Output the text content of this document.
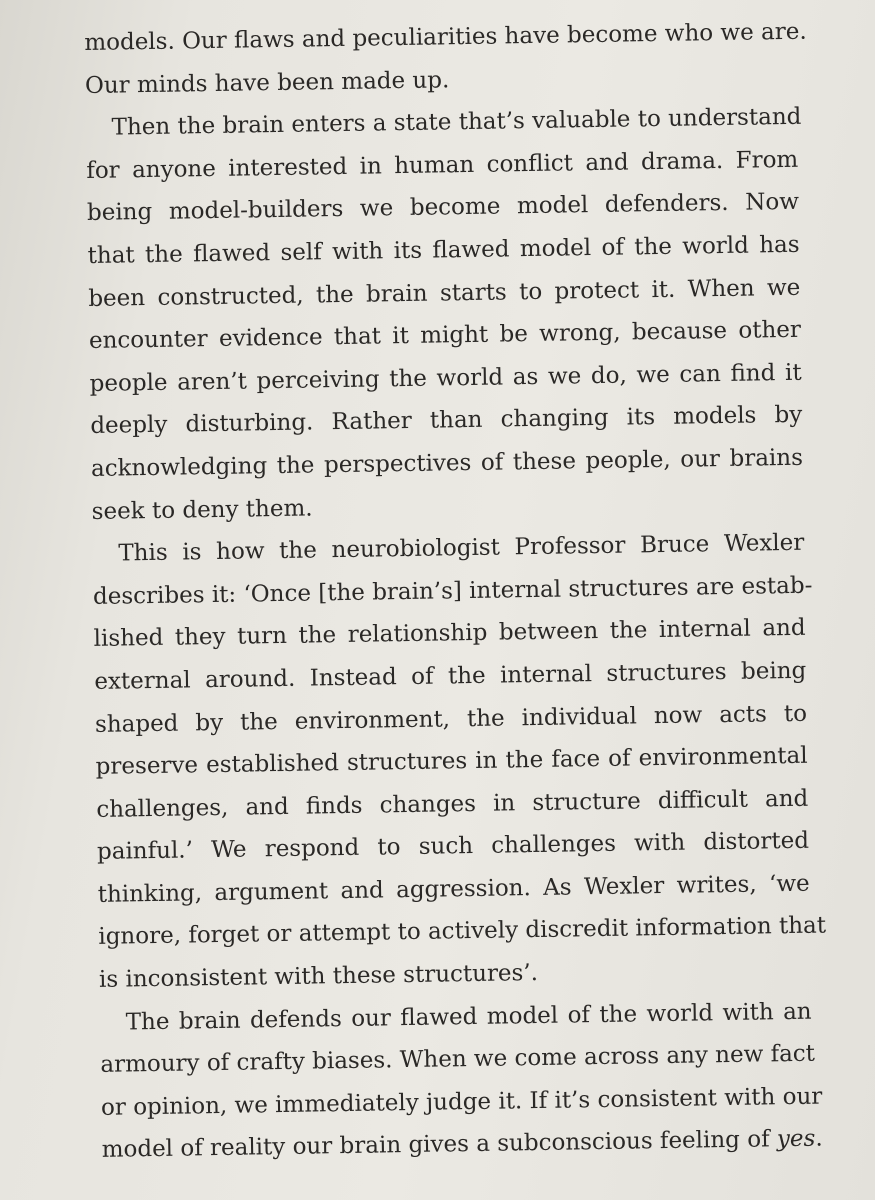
models. Our flaws and peculiarities have become who we are.
Our minds have been made up.
Then the brain enters a state that’s valuable to understand
for anyone interested in human conflict and drama. From
being model-builders we become model defenders. Now
that the flawed self with its flawed model of the world has
been constructed, the brain starts to protect it. When we
encounter evidence that it might be wrong, because other
people aren’t perceiving the world as we do, we can find it
deeply disturbing. Rather than changing its models by
acknowledging the perspectives of these people, our brains
seek to deny them.
This is how the neurobiologist Professor Bruce Wexler
describes it: ‘Once [the brain’s] internal structures are estab-
lished they turn the relationship between the internal and
external around. Instead of the internal structures being
shaped by the environment, the individual now acts to
preserve established structures in the face of environmental
challenges, and finds changes in structure difficult and
painful.’ We respond to such challenges with distorted
thinking, argument and aggression. As Wexler writes, ‘we
ignore, forget or attempt to actively discredit information that
is inconsistent with these structures’.
The brain defends our flawed model of the world with an
armoury of crafty biases. When we come across any new fact
or opinion, we immediately judge it. If it’s consistent with our
model of reality our brain gives a subconscious feeling of yes.
